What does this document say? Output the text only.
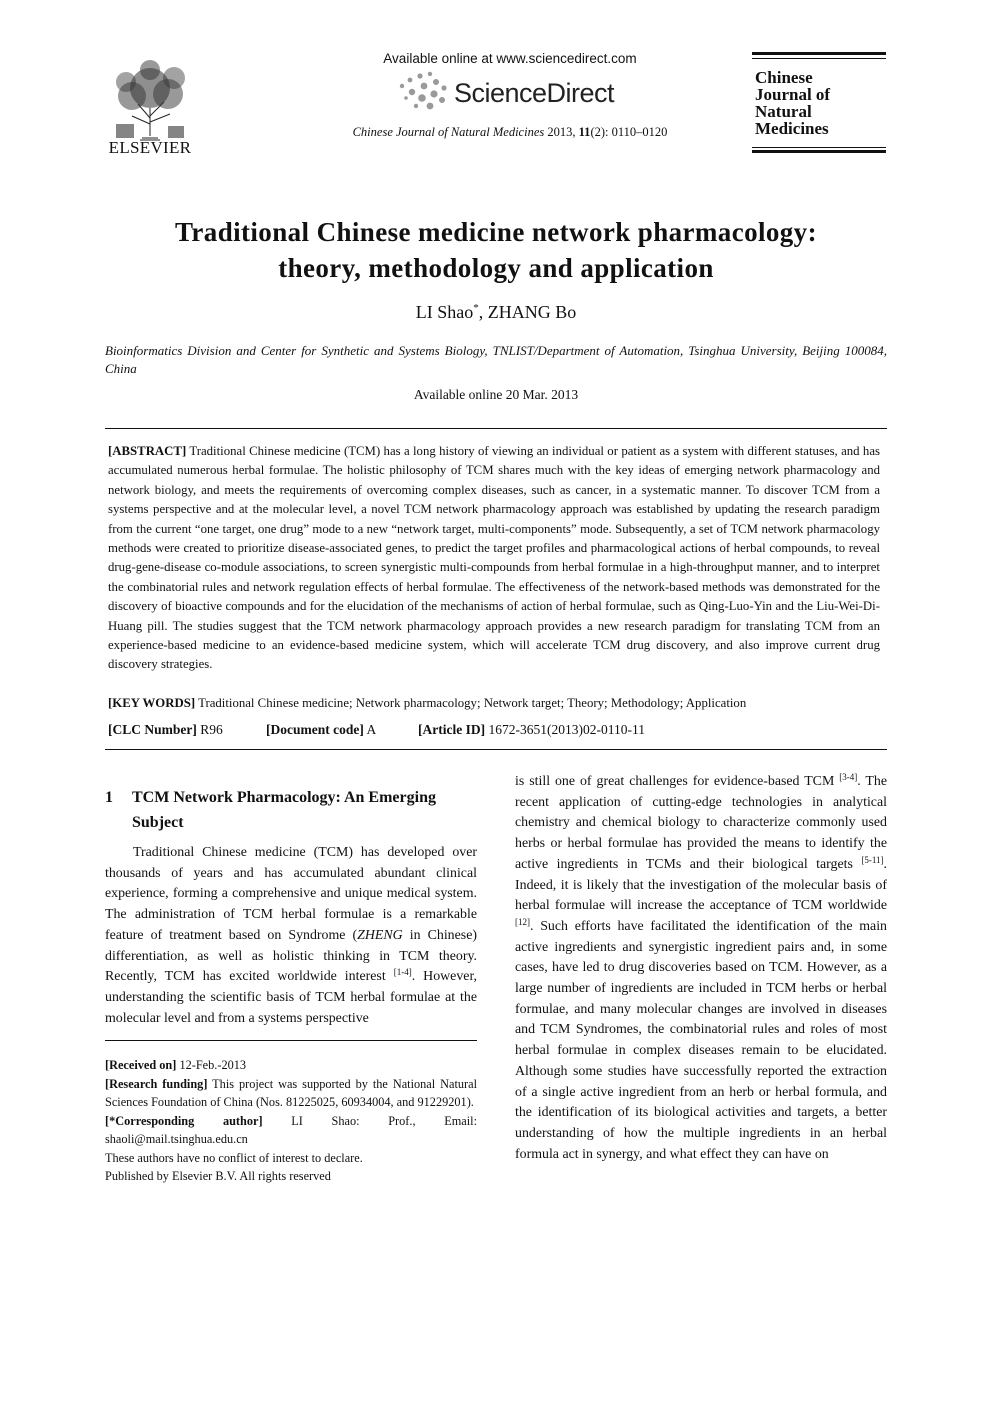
ELSEVIER
Available online at www.sciencedirect.com
ScienceDirect
Chinese Journal of Natural Medicines 2013, 11(2): 0110–0120
Chinese
Journal of
Natural
Medicines
Traditional Chinese medicine network pharmacology:
theory, methodology and application
LI Shao*, ZHANG Bo
Bioinformatics Division and Center for Synthetic and Systems Biology, TNLIST/Department of Automation, Tsinghua University, Beijing 100084, China
Available online 20 Mar. 2013
[ABSTRACT] Traditional Chinese medicine (TCM) has a long history of viewing an individual or patient as a system with different statuses, and has accumulated numerous herbal formulae. The holistic philosophy of TCM shares much with the key ideas of emerging network pharmacology and network biology, and meets the requirements of overcoming complex diseases, such as cancer, in a systematic manner. To discover TCM from a systems perspective and at the molecular level, a novel TCM network pharmacology approach was established by updating the research paradigm from the current “one target, one drug” mode to a new “network target, multi-components” mode. Subsequently, a set of TCM network pharmacology methods were created to prioritize disease-associated genes, to predict the target profiles and pharmacological actions of herbal compounds, to reveal drug-gene-disease co-module associations, to screen synergistic multi-compounds from herbal formulae in a high-throughput manner, and to interpret the combinatorial rules and network regulation effects of herbal formulae. The effectiveness of the network-based methods was demonstrated for the discovery of bioactive compounds and for the elucidation of the mechanisms of action of herbal formulae, such as Qing-Luo-Yin and the Liu-Wei-Di-Huang pill. The studies suggest that the TCM network pharmacology approach provides a new research paradigm for translating TCM from an experience-based medicine to an evidence-based medicine system, which will accelerate TCM drug discovery, and also improve current drug discovery strategies.
[KEY WORDS] Traditional Chinese medicine; Network pharmacology; Network target; Theory; Methodology; Application
[CLC Number] R96	[Document code] A	[Article ID] 1672-3651(2013)02-0110-11
1 TCM Network Pharmacology: An Emerging Subject
Traditional Chinese medicine (TCM) has developed over thousands of years and has accumulated abundant clinical experience, forming a comprehensive and unique medical system. The administration of TCM herbal formulae is a remarkable feature of treatment based on Syndrome (ZHENG in Chinese) differentiation, as well as holistic thinking in TCM theory. Recently, TCM has excited worldwide interest [1-4]. However, understanding the scientific basis of TCM herbal formulae at the molecular level and from a systems perspective

[Received on] 12-Feb.-2013

[Research funding] This project was supported by the National Natural Sciences Foundation of China (Nos. 81225025, 60934004, and 91229201).

[*Corresponding author] LI Shao: Prof., Email: shaoli@mail.tsinghua.edu.cn

These authors have no conflict of interest to declare.

Published by Elsevier B.V. All rights reserved

is still one of great challenges for evidence-based TCM [3-4]. The recent application of cutting-edge technologies in analytical chemistry and chemical biology to characterize commonly used herbs or herbal formulae has provided the means to identify the active ingredients in TCMs and their biological targets [5-11]. Indeed, it is likely that the investigation of the molecular basis of herbal formulae will increase the acceptance of TCM worldwide [12]. Such efforts have facilitated the identification of the main active ingredients and synergistic ingredient pairs and, in some cases, have led to drug discoveries based on TCM. However, as a large number of ingredients are included in TCM herbs or herbal formulae, and many molecular changes are involved in diseases and TCM Syndromes, the combinatorial rules and roles of most herbal formulae in complex diseases remain to be elucidated. Although some studies have successfully reported the extraction of a single active ingredient from an herb or herbal formula, and the identification of its biological activities and targets, a better understanding of how the multiple ingredients in an herbal formula act in synergy, and what effect they can have on
